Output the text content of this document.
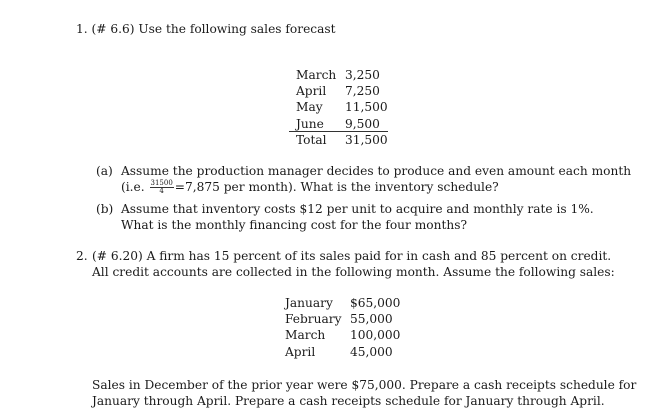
1. (# 6.6) Use the following sales forecast
March	3,250
April	7,250
May	11,500
June	9,500
Total	31,500
(a) Assume the production manager decides to produce and even amount each month
(i.e. $\frac{31500}{4} =7,875$ per month). What is the inventory schedule?
(b) Assume that inventory costs $12 per unit to acquire and monthly rate is 1%.
What is the monthly financing cost for the four months?
2. (# 6.20) A firm has 15 percent of its sales paid for in cash and 85 percent on credit.
All credit accounts are collected in the following month. Assume the following sales:
January	$65,000
February	55,000
March	100,000
April	45,000
Sales in December of the prior year were $75,000. Prepare a cash receipts schedule for
January through April. Prepare a cash receipts schedule for January through April.
